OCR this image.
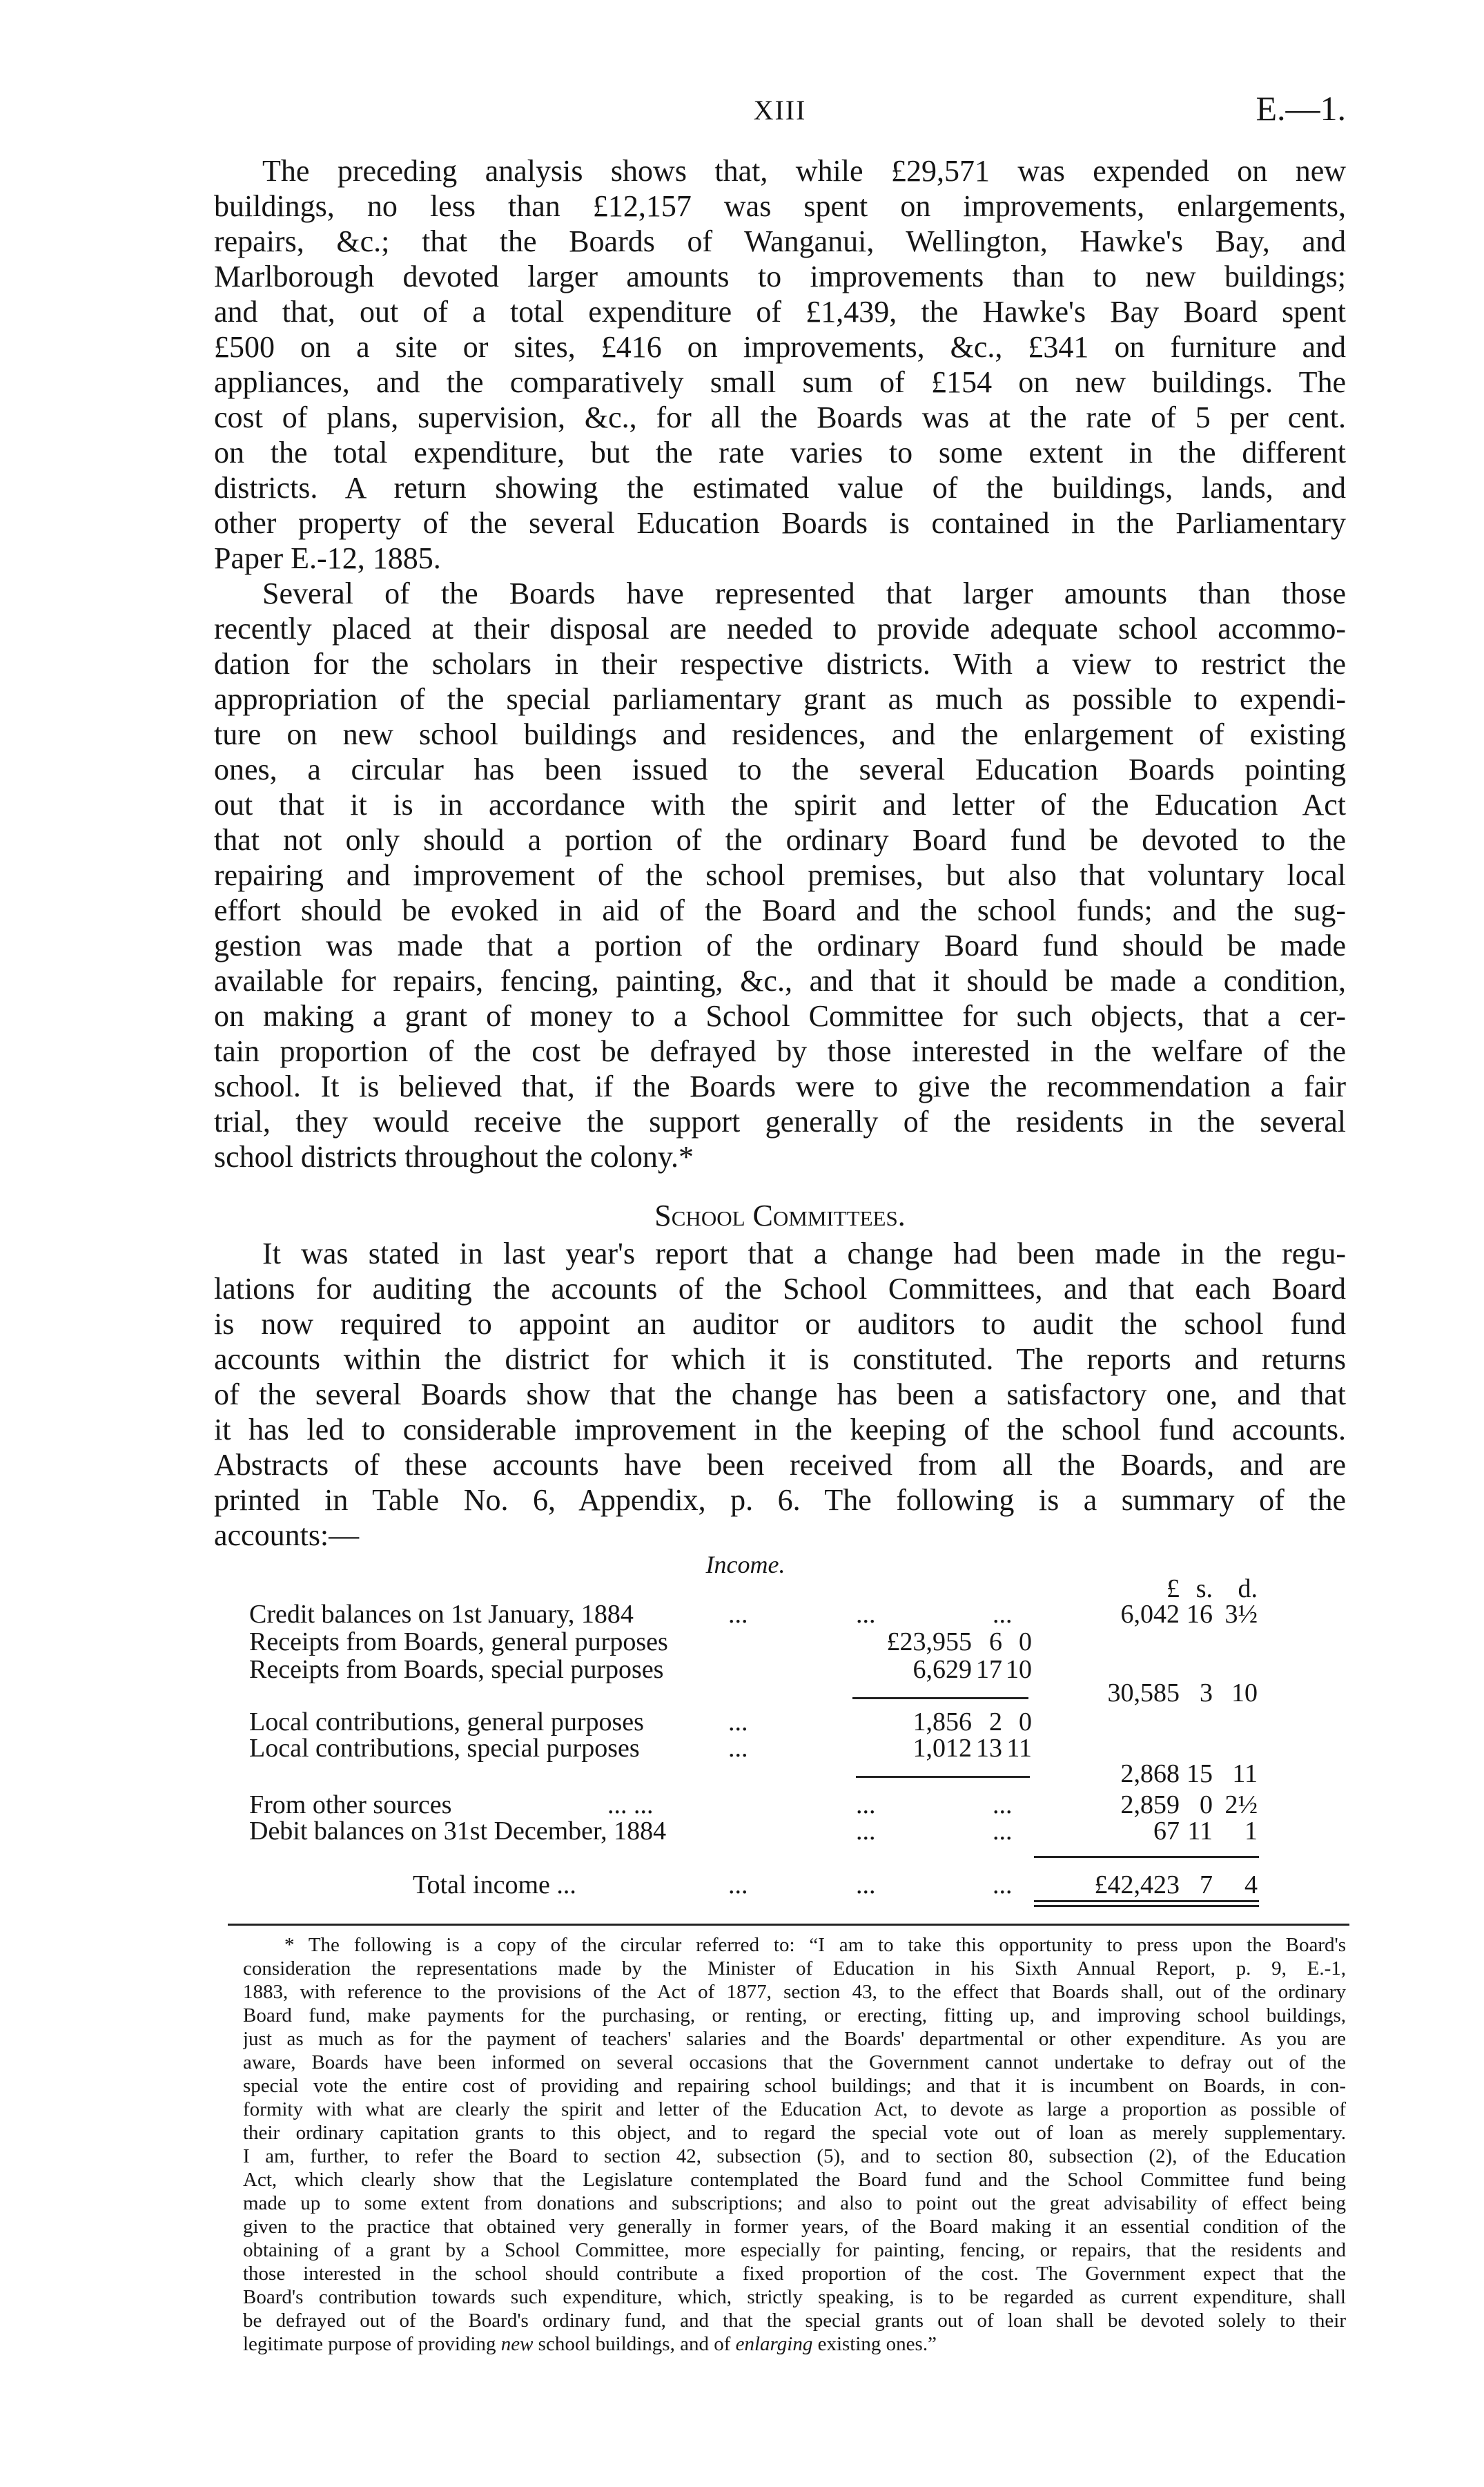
XIII	E.—1.
The preceding analysis shows that, while £29,571 was expended on new
buildings, no less than £12,157 was spent on improvements, enlargements,
repairs, &c.; that the Boards of Wanganui, Wellington, Hawke's Bay, and
Marlborough devoted larger amounts to improvements than to new buildings;
and that, out of a total expenditure of £1,439, the Hawke's Bay Board spent
£500 on a site or sites, £416 on improvements, &c., £341 on furniture and
appliances, and the comparatively small sum of £154 on new buildings. The
cost of plans, supervision, &c., for all the Boards was at the rate of 5 per cent.
on the total expenditure, but the rate varies to some extent in the different
districts. A return showing the estimated value of the buildings, lands, and
other property of the several Education Boards is contained in the Parliamentary
Paper E.-12, 1885.
Several of the Boards have represented that larger amounts than those
recently placed at their disposal are needed to provide adequate school accommo-
dation for the scholars in their respective districts. With a view to restrict the
appropriation of the special parliamentary grant as much as possible to expendi-
ture on new school buildings and residences, and the enlargement of existing
ones, a circular has been issued to the several Education Boards pointing
out that it is in accordance with the spirit and letter of the Education Act
that not only should a portion of the ordinary Board fund be devoted to the
repairing and improvement of the school premises, but also that voluntary local
effort should be evoked in aid of the Board and the school funds; and the sug-
gestion was made that a portion of the ordinary Board fund should be made
available for repairs, fencing, painting, &c., and that it should be made a condition,
on making a grant of money to a School Committee for such objects, that a cer-
tain proportion of the cost be defrayed by those interested in the welfare of the
school. It is believed that, if the Boards were to give the recommendation a fair
trial, they would receive the support generally of the residents in the several
school districts throughout the colony.*
School Committees.
It was stated in last year's report that a change had been made in the regu-
lations for auditing the accounts of the School Committees, and that each Board
is now required to appoint an auditor or auditors to audit the school fund
accounts within the district for which it is constituted. The reports and returns
of the several Boards show that the change has been a satisfactory one, and that
it has led to considerable improvement in the keeping of the school fund accounts.
Abstracts of these accounts have been received from all the Boards, and are
printed in Table No. 6, Appendix, p. 6. The following is a summary of the
accounts:—
Income.
£ s. d.
Credit balances on 1st January, 1884	...	...	...	6,042 16 3½
Receipts from Boards, general purposes	£23,955 6 0
Receipts from Boards, special purposes	6,629 17 10
30,585 3 10
Local contributions, general purposes	...	1,856 2 0
Local contributions, special purposes	...	1,012 13 11
2,868 15 11
From other sources	... ...	...	...	2,859 0 2½
Debit balances on 31st December, 1884	...	...	67 11 1
Total income ...	...	...	...	£42,423 7 4
* The following is a copy of the circular referred to: “I am to take this opportunity to press upon the Board's
consideration the representations made by the Minister of Education in his Sixth Annual Report, p. 9, E.-1,
1883, with reference to the provisions of the Act of 1877, section 43, to the effect that Boards shall, out of the ordinary
Board fund, make payments for the purchasing, or renting, or erecting, fitting up, and improving school buildings,
just as much as for the payment of teachers' salaries and the Boards' departmental or other expenditure. As you are
aware, Boards have been informed on several occasions that the Government cannot undertake to defray out of the
special vote the entire cost of providing and repairing school buildings; and that it is incumbent on Boards, in con-
formity with what are clearly the spirit and letter of the Education Act, to devote as large a proportion as possible of
their ordinary capitation grants to this object, and to regard the special vote out of loan as merely supplementary.
I am, further, to refer the Board to section 42, subsection (5), and to section 80, subsection (2), of the Education
Act, which clearly show that the Legislature contemplated the Board fund and the School Committee fund being
made up to some extent from donations and subscriptions; and also to point out the great advisability of effect being
given to the practice that obtained very generally in former years, of the Board making it an essential condition of the
obtaining of a grant by a School Committee, more especially for painting, fencing, or repairs, that the residents and
those interested in the school should contribute a fixed proportion of the cost. The Government expect that the
Board's contribution towards such expenditure, which, strictly speaking, is to be regarded as current expenditure, shall
be defrayed out of the Board's ordinary fund, and that the special grants out of loan shall be devoted solely to their
legitimate purpose of providing new school buildings, and of enlarging existing ones.”
